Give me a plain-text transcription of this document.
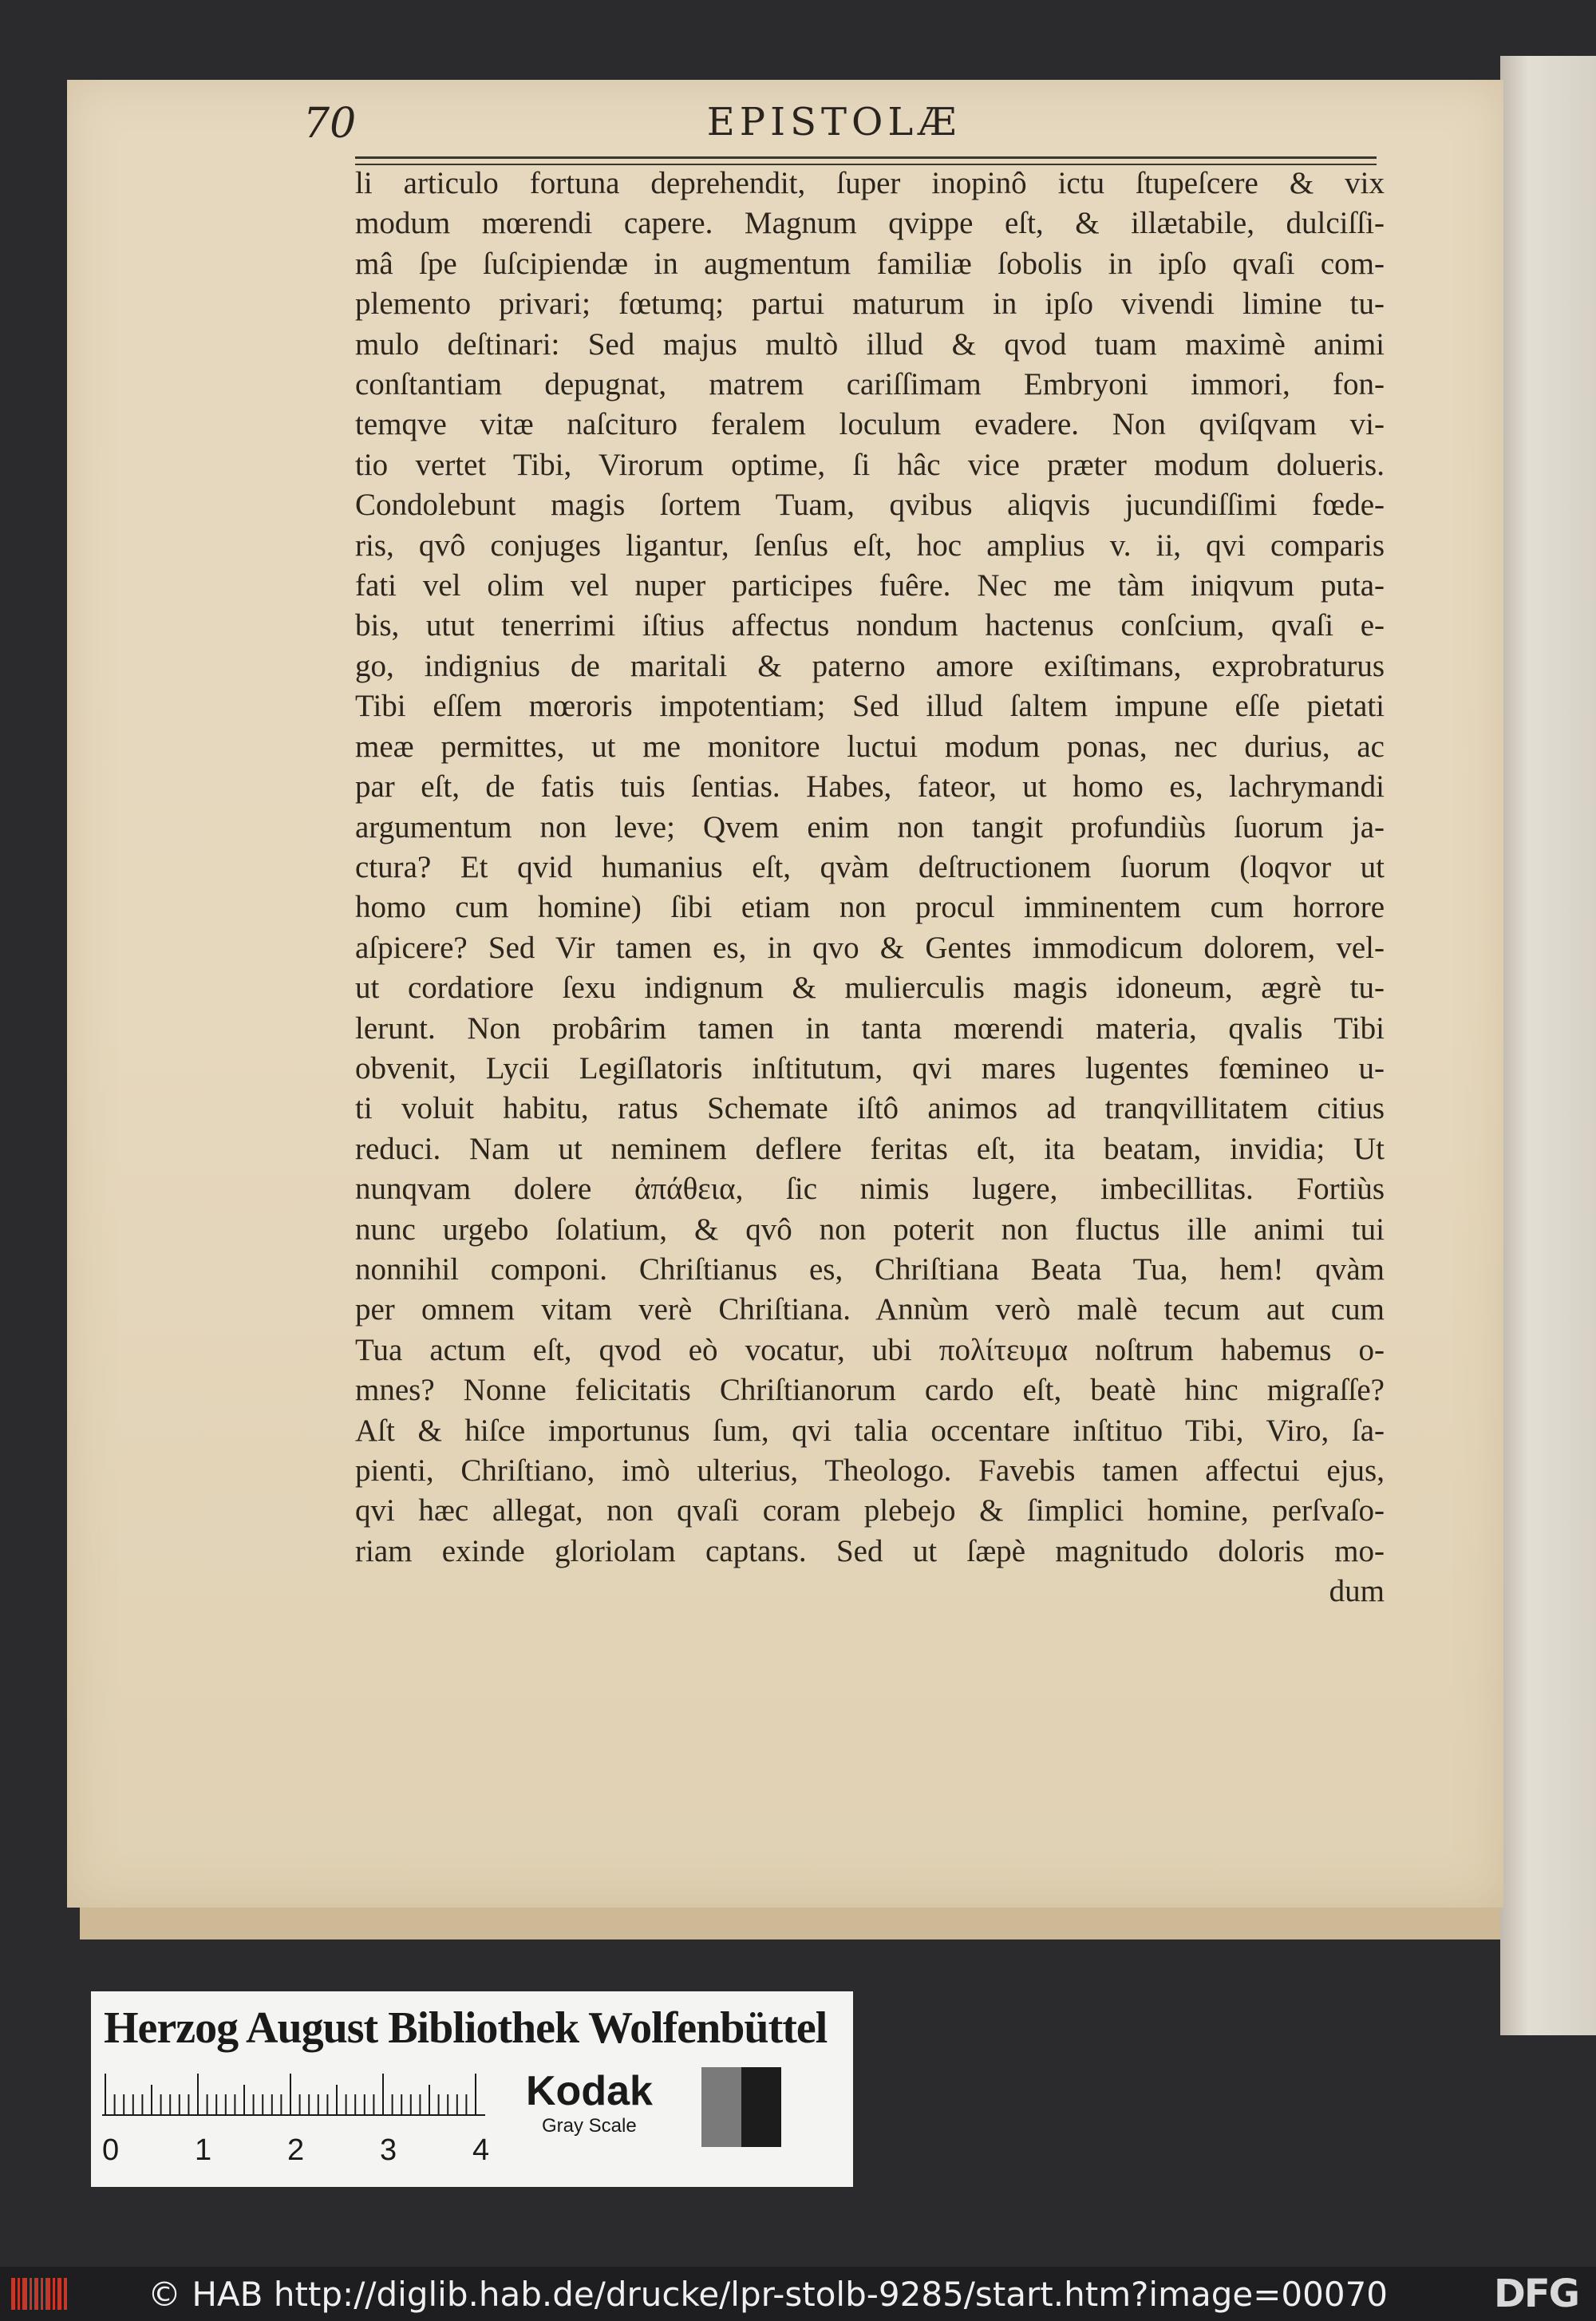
70	EPISTOLÆ
li articulo fortuna deprehendit, ſuper inopinô ictu ſtupeſcere & vix
modum mœrendi capere. Magnum qvippe eſt, & illætabile, dulciſſi-
mâ ſpe ſuſcipiendæ in augmentum familiæ ſobolis in ipſo qvaſi com-
plemento privari; fœtumq; partui maturum in ipſo vivendi limine tu-
mulo deſtinari: Sed majus multò illud & qvod tuam maximè animi
conſtantiam depugnat, matrem cariſſimam Embryoni immori, fon-
temqve vitæ naſcituro feralem loculum evadere. Non qviſqvam vi-
tio vertet Tibi, Virorum optime, ſi hâc vice præter modum dolueris.
Condolebunt magis ſortem Tuam, qvibus aliqvis jucundiſſimi fœde-
ris, qvô conjuges ligantur, ſenſus eſt, hoc amplius v. ii, qvi comparis
fati vel olim vel nuper participes fuêre. Nec me tàm iniqvum puta-
bis, utut tenerrimi iſtius affectus nondum hactenus conſcium, qvaſi e-
go, indignius de maritali & paterno amore exiſtimans, exprobraturus
Tibi eſſem mœroris impotentiam; Sed illud ſaltem impune eſſe pietati
meæ permittes, ut me monitore luctui modum ponas, nec durius, ac
par eſt, de fatis tuis ſentias. Habes, fateor, ut homo es, lachrymandi
argumentum non leve; Qvem enim non tangit profundiùs ſuorum ja-
ctura? Et qvid humanius eſt, qvàm deſtructionem ſuorum (loqvor ut
homo cum homine) ſibi etiam non procul imminentem cum horrore
aſpicere? Sed Vir tamen es, in qvo & Gentes immodicum dolorem, vel-
ut cordatiore ſexu indignum & mulierculis magis idoneum, ægrè tu-
lerunt. Non probârim tamen in tanta mœrendi materia, qvalis Tibi
obvenit, Lycii Legiſlatoris inſtitutum, qvi mares lugentes fœmineo u-
ti voluit habitu, ratus Schemate iſtô animos ad tranqvillitatem citius
reduci. Nam ut neminem deflere feritas eſt, ita beatam, invidia; Ut
nunqvam dolere ἀπάθεια, ſic nimis lugere, imbecillitas. Fortiùs
nunc urgebo ſolatium, & qvô non poterit non fluctus ille animi tui
nonnihil componi. Chriſtianus es, Chriſtiana Beata Tua, hem! qvàm
per omnem vitam verè Chriſtiana. Annùm verò malè tecum aut cum
Tua actum eſt, qvod eò vocatur, ubi πολίτευμα noſtrum habemus o-
mnes? Nonne felicitatis Chriſtianorum cardo eſt, beatè hinc migraſſe?
Aſt & hiſce importunus ſum, qvi talia occentare inſtituo Tibi, Viro, ſa-
pienti, Chriſtiano, imò ulterius, Theologo. Favebis tamen affectui ejus,
qvi hæc allegat, non qvaſi coram plebejo & ſimplici homine, perſvaſo-
riam exinde gloriolam captans. Sed ut ſæpè magnitudo doloris mo-
dum
Herzog August Bibliothek Wolfenbüttel
0 1 2 3 4
Kodak
Gray Scale
© HAB http://diglib.hab.de/drucke/lpr-stolb-9285/start.htm?image=00070	DFG
